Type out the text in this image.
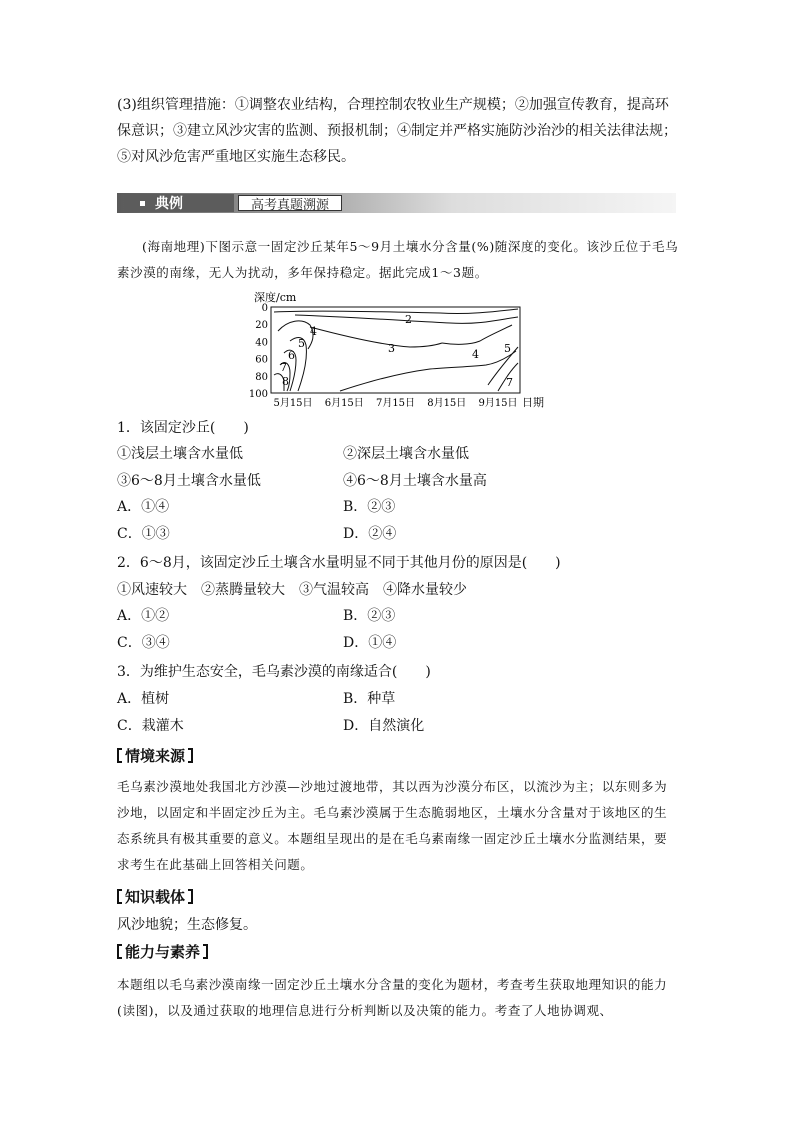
(3)组织管理措施：①调整农业结构，合理控制农牧业生产规模；②加强宣传教育，提高环保意识；③建立风沙灾害的监测、预报机制；④制定并严格实施防沙治沙的相关法律法规；⑤对风沙危害严重地区实施生态移民。

典例	高考真题溯源

(海南地理)下图示意一固定沙丘某年5～9月土壤水分含量(%)随深度的变化。该沙丘位于毛乌素沙漠的南缘，无人为扰动，多年保持稳定。据此完成1～3题。

深度/cm
0
20
40
60
80
100
5月15日 6月15日 7月15日 8月15日 9月15日 日期
2
3
4
4
5	5
6
7
7
8
1．该固定沙丘(　　)
①浅层土壤含水量低	②深层土壤含水量低
③6～8月土壤含水量低	④6～8月土壤含水量高
A．①④	B．②③
C．①③	D．②④
2．6～8月，该固定沙丘土壤含水量明显不同于其他月份的原因是(　　)
①风速较大　②蒸腾量较大　③气温较高　④降水量较少
A．①②	B．②③
C．③④	D．①④
3．为维护生态安全，毛乌素沙漠的南缘适合(　　)
A．植树	B．种草
C．栽灌木	D．自然演化
情境来源

毛乌素沙漠地处我国北方沙漠—沙地过渡地带，其以西为沙漠分布区，以流沙为主；以东则多为沙地，以固定和半固定沙丘为主。毛乌素沙漠属于生态脆弱地区，土壤水分含量对于该地区的生态系统具有极其重要的意义。本题组呈现出的是在毛乌素南缘一固定沙丘土壤水分监测结果，要求考生在此基础上回答相关问题。

知识载体

风沙地貌；生态修复。

能力与素养

本题组以毛乌素沙漠南缘一固定沙丘土壤水分含量的变化为题材，考查考生获取地理知识的能力(读图)，以及通过获取的地理信息进行分析判断以及决策的能力。考查了人地协调观、
